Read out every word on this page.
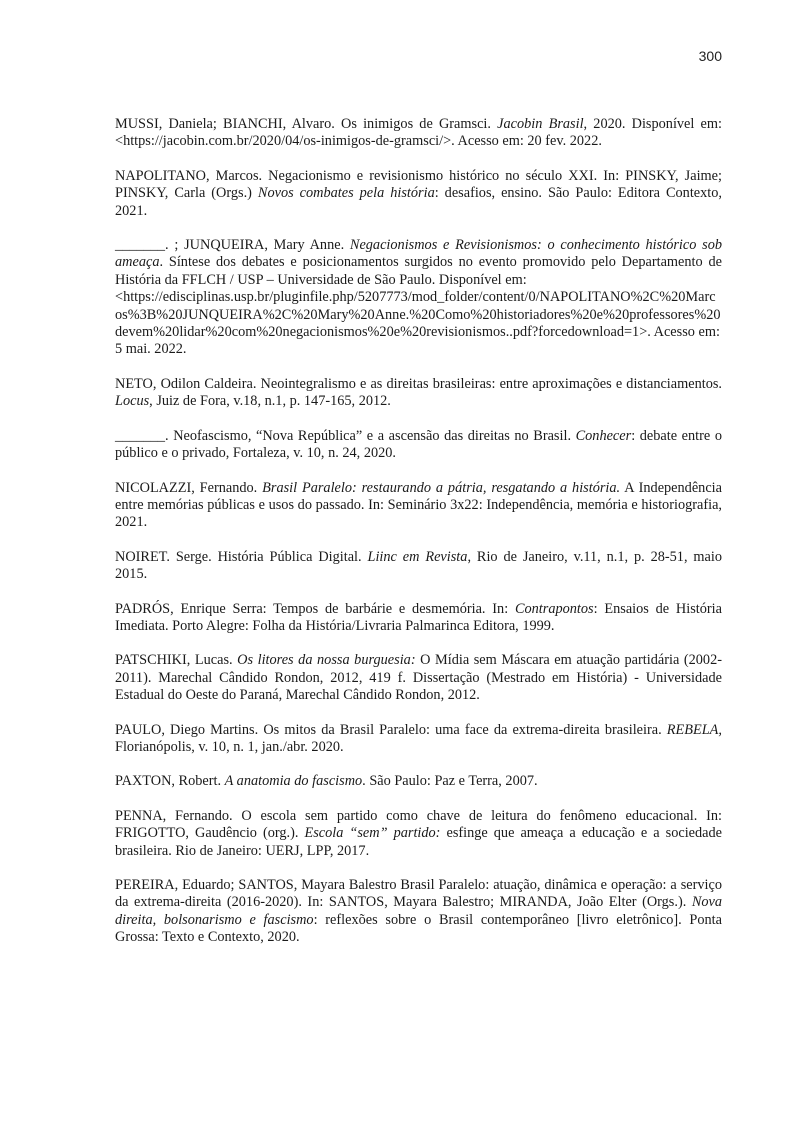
300

MUSSI, Daniela; BIANCHI, Alvaro. Os inimigos de Gramsci. Jacobin Brasil, 2020. Disponível em: <https://jacobin.com.br/2020/04/os-inimigos-de-gramsci/>. Acesso em: 20 fev. 2022.

NAPOLITANO, Marcos. Negacionismo e revisionismo histórico no século XXI. In: PINSKY, Jaime; PINSKY, Carla (Orgs.) Novos combates pela história: desafios, ensino. São Paulo: Editora Contexto, 2021.

_______. ; JUNQUEIRA, Mary Anne. Negacionismos e Revisionismos: o conhecimento histórico sob ameaça. Síntese dos debates e posicionamentos surgidos no evento promovido pelo Departamento de História da FFLCH / USP – Universidade de São Paulo. Disponível em:
<https://edisciplinas.usp.br/pluginfile.php/5207773/mod_folder/content/0/NAPOLITANO%2C%20Marcos%3B%20JUNQUEIRA%2C%20Mary%20Anne.%20Como%20historiadores%20e%20professores%20devem%20lidar%20com%20negacionismos%20e%20revisionismos..pdf?forcedownload=1>. Acesso em: 5 mai. 2022.

NETO, Odilon Caldeira. Neointegralismo e as direitas brasileiras: entre aproximações e distanciamentos. Locus, Juiz de Fora, v.18, n.1, p. 147-165, 2012.

_______. Neofascismo, “Nova República” e a ascensão das direitas no Brasil. Conhecer: debate entre o público e o privado, Fortaleza, v. 10, n. 24, 2020.

NICOLAZZI, Fernando. Brasil Paralelo: restaurando a pátria, resgatando a história. A Independência entre memórias públicas e usos do passado. In: Seminário 3x22: Independência, memória e historiografia, 2021.

NOIRET. Serge. História Pública Digital. Liinc em Revista, Rio de Janeiro, v.11, n.1, p. 28-51, maio 2015.

PADRÓS, Enrique Serra: Tempos de barbárie e desmemória. In: Contrapontos: Ensaios de História Imediata. Porto Alegre: Folha da História/Livraria Palmarinca Editora, 1999.

PATSCHIKI, Lucas. Os litores da nossa burguesia: O Mídia sem Máscara em atuação partidária (2002-2011). Marechal Cândido Rondon, 2012, 419 f. Dissertação (Mestrado em História) - Universidade Estadual do Oeste do Paraná, Marechal Cândido Rondon, 2012.

PAULO, Diego Martins. Os mitos da Brasil Paralelo: uma face da extrema-direita brasileira. REBELA, Florianópolis, v. 10, n. 1, jan./abr. 2020.

PAXTON, Robert. A anatomia do fascismo. São Paulo: Paz e Terra, 2007.

PENNA, Fernando. O escola sem partido como chave de leitura do fenômeno educacional. In: FRIGOTTO, Gaudêncio (org.). Escola “sem” partido: esfinge que ameaça a educação e a sociedade brasileira. Rio de Janeiro: UERJ, LPP, 2017.

PEREIRA, Eduardo; SANTOS, Mayara Balestro Brasil Paralelo: atuação, dinâmica e operação: a serviço da extrema-direita (2016-2020). In: SANTOS, Mayara Balestro; MIRANDA, João Elter (Orgs.). Nova direita, bolsonarismo e fascismo: reflexões sobre o Brasil contemporâneo [livro eletrônico]. Ponta Grossa: Texto e Contexto, 2020.
